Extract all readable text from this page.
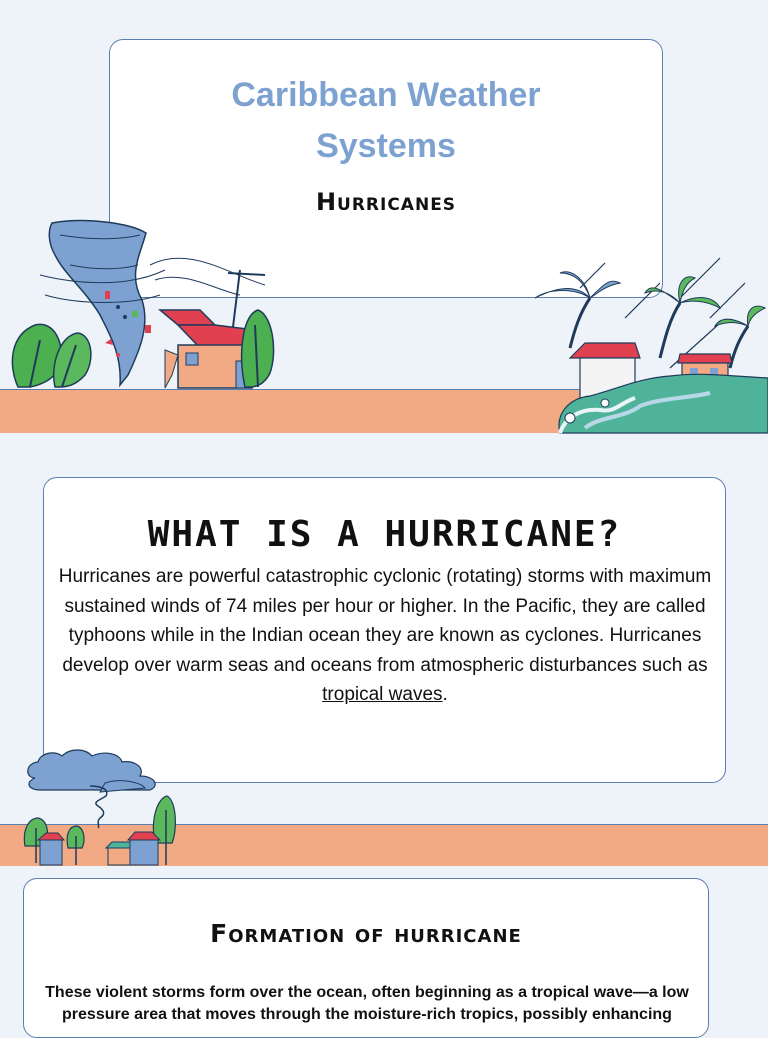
Caribbean Weather
Systems
Hurricanes
WHAT IS A HURRICANE?
Hurricanes are powerful catastrophic cyclonic (rotating) storms with maximum sustained winds of 74 miles per hour or higher. In the Pacific, they are called typhoons while in the Indian ocean they are known as cyclones. Hurricanes develop over warm seas and oceans from atmospheric disturbances such as tropical waves.
Formation of hurricane
These violent storms form over the ocean, often beginning as a tropical wave—a low pressure area that moves through the moisture-rich tropics, possibly enhancing
